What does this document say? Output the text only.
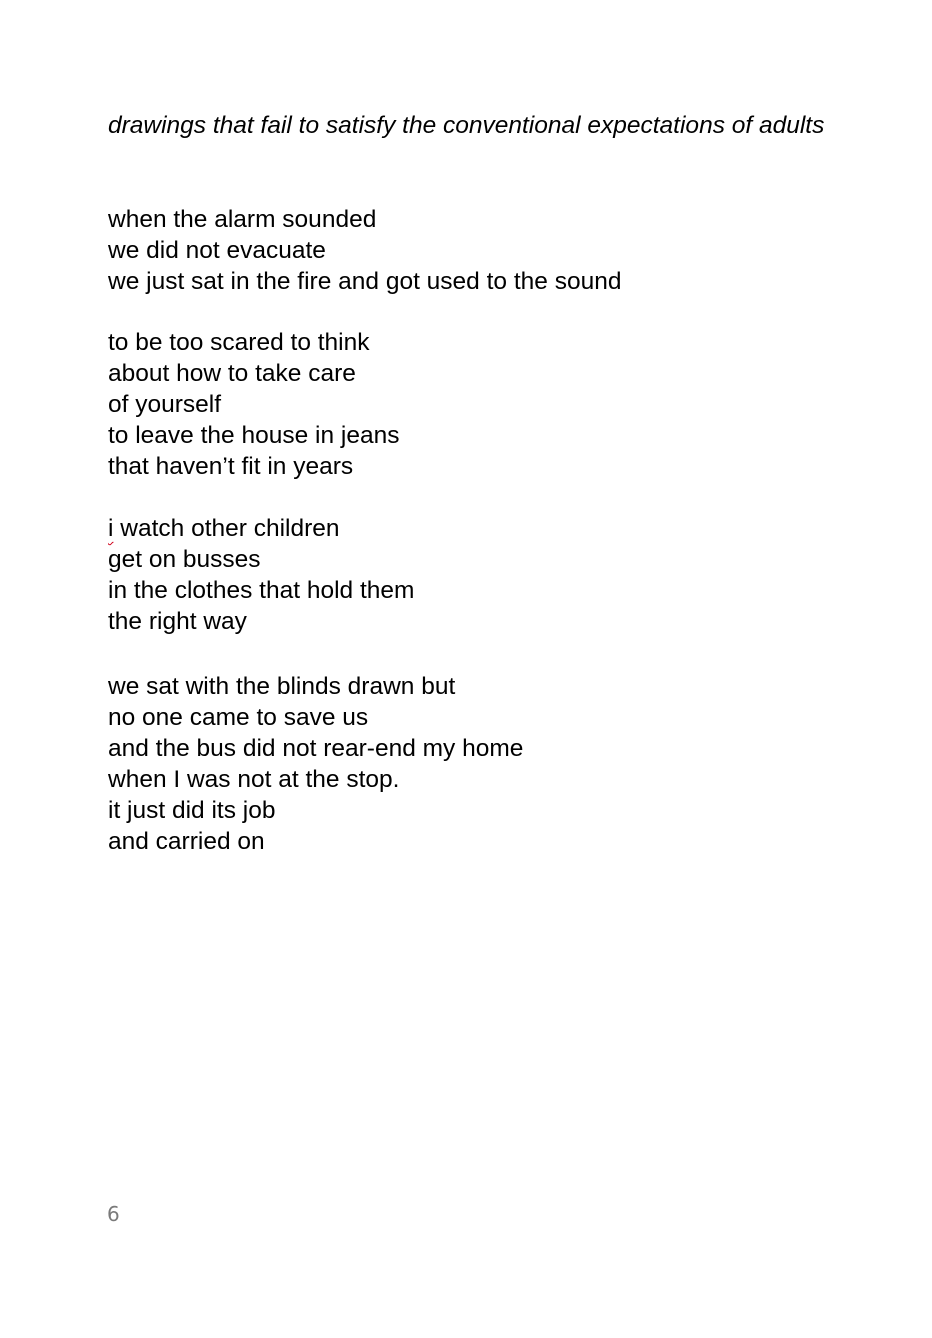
drawings that fail to satisfy the conventional expectations of adults
when the alarm sounded
we did not evacuate
we just sat in the fire and got used to the sound
to be too scared to think
about how to take care
of yourself
to leave the house in jeans
that haven’t fit in years
i watch other children
get on busses
in the clothes that hold them
the right way
we sat with the blinds drawn but
no one came to save us
and the bus did not rear-end my home
when I was not at the stop.
it just did its job
and carried on
6
